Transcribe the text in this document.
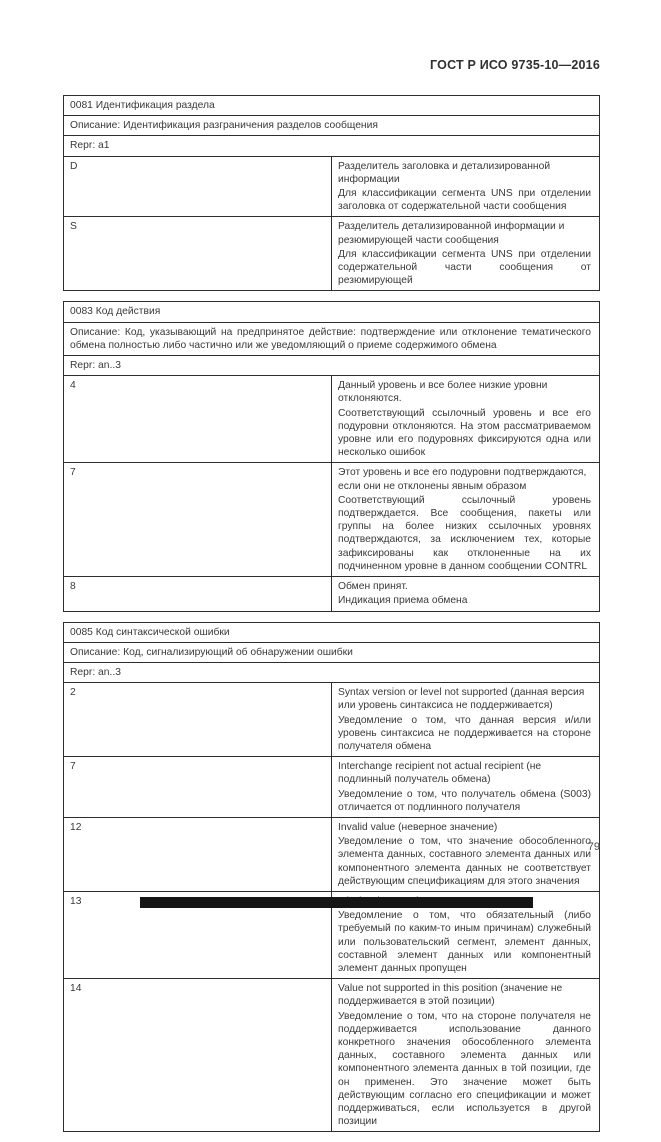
ГОСТ Р ИСО 9735-10—2016
0081 Идентификация раздела	
Описание: Идентификация разграничения разделов сообщения	
Repr: a1	
D	Разделитель заголовка и детализированной информации

Для классификации сегмента UNS при отделении заголовка от содержательной части сообщения

S	Разделитель детализированной информации и резюмирующей части сообщения

Для классификации сегмента UNS при отделении содержательной части сообщения от резюмирующей

0083 Код действия	

Описание: Код, указывающий на предпринятое действие: подтверждение или отклонение тематического обмена полностью либо частично или же уведомляющий о приеме содержимого обмена	

Repr: an..3	
4	Данный уровень и все более низкие уровни отклоняются.

Соответствующий ссылочный уровень и все его подуровни отклоняются. На этом рассматриваемом уровне или его подуровнях фиксируются одна или несколько ошибок

7	Этот уровень и все его подуровни подтверждаются, если они не отклонены явным образом

Соответствующий ссылочный уровень подтверждается. Все сообщения, пакеты или группы на более низких ссылочных уровнях подтверждаются, за исключением тех, которые зафиксированы как отклоненные на их подчиненном уровне в данном сообщении CONTRL

8	Обмен принят.

Индикация приема обмена

0085 Код синтаксической ошибки	
Описание: Код, сигнализирующий об обнаружении ошибки	
Repr: an..3	
2	Syntax version or level not supported (данная версия или уровень синтаксиса не поддерживается)

Уведомление о том, что данная версия и/или уровень синтаксиса не поддерживается на стороне получателя обмена

7	Interchange recipient not actual recipient (не подлинный получатель обмена)

Уведомление о том, что получатель обмена (S003) отличается от подлинного получателя

12	Invalid value (неверное значение)

Уведомление о том, что значение обособленного элемента данных, составного элемента данных или компонентного элемента данных не соответствует действующим спецификациям для этого значения

13	Уведомление о том, что обязательный (либо требуемый по каким-то иным причинам) служебный или пользовательский сегмент, элемент данных, составной элемент данных или компонентный элемент данных пропущен

14	Value not supported in this position (значение не поддерживается в этой позиции)

Уведомление о том, что на стороне получателя не поддерживается использование данного конкретного значения обособленного элемента данных, составного элемента данных или компонентного элемента данных в той позиции, где он применен. Это значение может быть действующим согласно его спецификации и может поддерживаться, если используется в другой позиции

79
